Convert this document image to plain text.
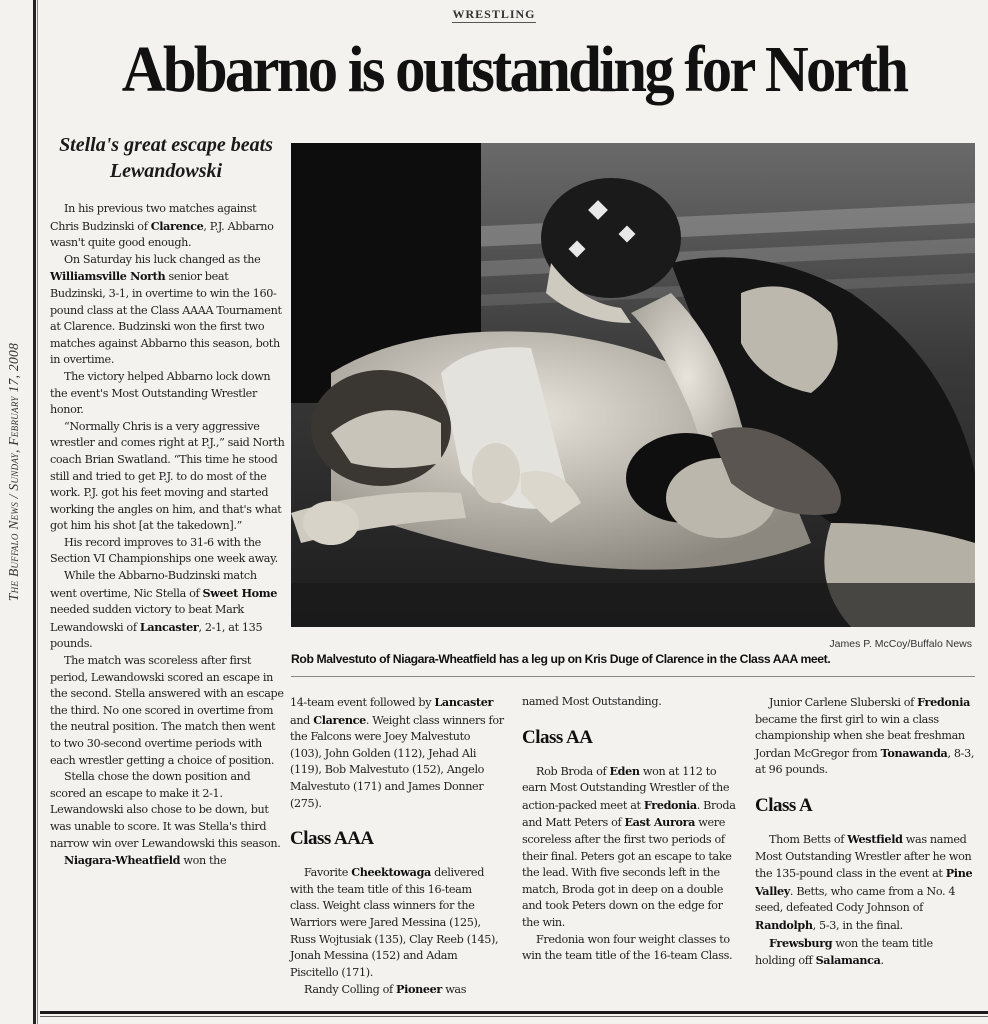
The Buffalo News / Sunday, February 17, 2008
WRESTLING
Abbarno is outstanding for North
Stella's great escape beats Lewandowski

In his previous two matches against Chris Budzinski of Clarence, P.J. Abbarno wasn't quite good enough.

On Saturday his luck changed as the Williamsville North senior beat Budzinski, 3-1, in overtime to win the 160-pound class at the Class AAAA Tournament at Clarence. Budzinski won the first two matches against Abbarno this season, both in overtime.

The victory helped Abbarno lock down the event's Most Outstanding Wrestler honor.

“Normally Chris is a very aggressive wrestler and comes right at P.J.,” said North coach Brian Swatland. “This time he stood still and tried to get P.J. to do most of the work. P.J. got his feet moving and started working the angles on him, and that's what got him his shot [at the takedown].”

His record improves to 31-6 with the Section VI Championships one week away.

While the Abbarno-Budzinski match went overtime, Nic Stella of Sweet Home needed sudden victory to beat Mark Lewandowski of Lancaster, 2-1, at 135 pounds.

The match was scoreless after first period, Lewandowski scored an escape in the second. Stella answered with an escape the third. No one scored in overtime from the neutral position. The match then went to two 30-second overtime periods with each wrestler getting a choice of position.

Stella chose the down position and scored an escape to make it 2-1. Lewandowski also chose to be down, but was unable to score. It was Stella's third narrow win over Lewandowski this season.

Niagara-Wheatfield won the

James P. McCoy/Buffalo News
Rob Malvestuto of Niagara-Wheatfield has a leg up on Kris Duge of Clarence in the Class AAA meet.

14-team event followed by Lancaster and Clarence. Weight class winners for the Falcons were Joey Malvestuto (103), John Golden (112), Jehad Ali (119), Bob Malvestuto (152), Angelo Malvestuto (171) and James Donner (275).

Class AAA

Favorite Cheektowaga delivered with the team title of this 16-team class. Weight class winners for the Warriors were Jared Messina (125), Russ Wojtusiak (135), Clay Reeb (145), Jonah Messina (152) and Adam Piscitello (171).

Randy Colling of Pioneer was

named Most Outstanding.

Class AA

Rob Broda of Eden won at 112 to earn Most Outstanding Wrestler of the action-packed meet at Fredonia. Broda and Matt Peters of East Aurora were scoreless after the first two periods of their final. Peters got an escape to take the lead. With five seconds left in the match, Broda got in deep on a double and took Peters down on the edge for the win.

Fredonia won four weight classes to win the team title of the 16-team Class.

Junior Carlene Sluberski of Fredonia became the first girl to win a class championship when she beat freshman Jordan McGregor from Tonawanda, 8-3, at 96 pounds.

Class A

Thom Betts of Westfield was named Most Outstanding Wrestler after he won the 135-pound class in the event at Pine Valley. Betts, who came from a No. 4 seed, defeated Cody Johnson of Randolph, 5-3, in the final.

Frewsburg won the team title holding off Salamanca.
